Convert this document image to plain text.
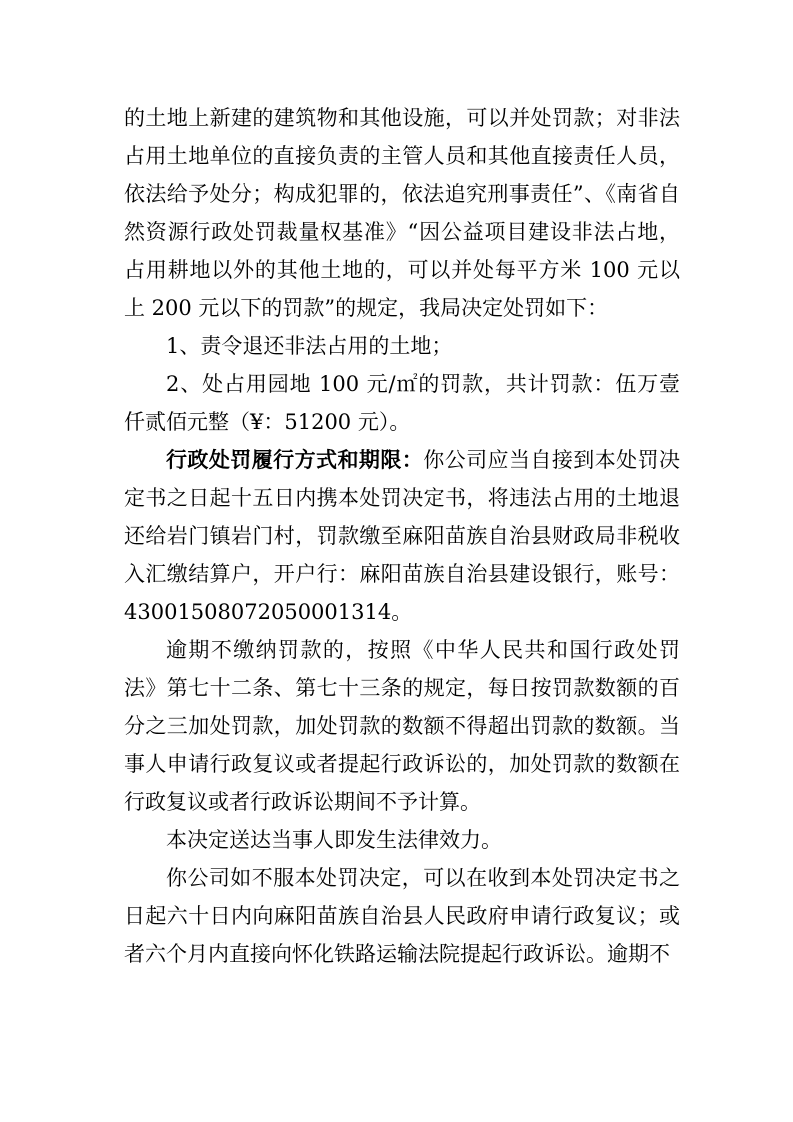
的土地上新建的建筑物和其他设施，可以并处罚款；对非法占用土地单位的直接负责的主管人员和其他直接责任人员，依法给予处分；构成犯罪的，依法追究刑事责任”、《南省自然资源行政处罚裁量权基准》“因公益项目建设非法占地，占用耕地以外的其他土地的，可以并处每平方米 100 元以上 200 元以下的罚款”的规定，我局决定处罚如下：

1、责令退还非法占用的土地；

2、处占用园地 100 元/㎡的罚款，共计罚款：伍万壹仟贰佰元整（¥：51200 元）。

行政处罚履行方式和期限：你公司应当自接到本处罚决定书之日起十五日内携本处罚决定书，将违法占用的土地退还给岩门镇岩门村，罚款缴至麻阳苗族自治县财政局非税收入汇缴结算户，开户行：麻阳苗族自治县建设银行，账号：43001508072050001314。

逾期不缴纳罚款的，按照《中华人民共和国行政处罚法》第七十二条、第七十三条的规定，每日按罚款数额的百分之三加处罚款，加处罚款的数额不得超出罚款的数额。当事人申请行政复议或者提起行政诉讼的，加处罚款的数额在行政复议或者行政诉讼期间不予计算。

本决定送达当事人即发生法律效力。

你公司如不服本处罚决定，可以在收到本处罚决定书之日起六十日内向麻阳苗族自治县人民政府申请行政复议；或者六个月内直接向怀化铁路运输法院提起行政诉讼。逾期不
